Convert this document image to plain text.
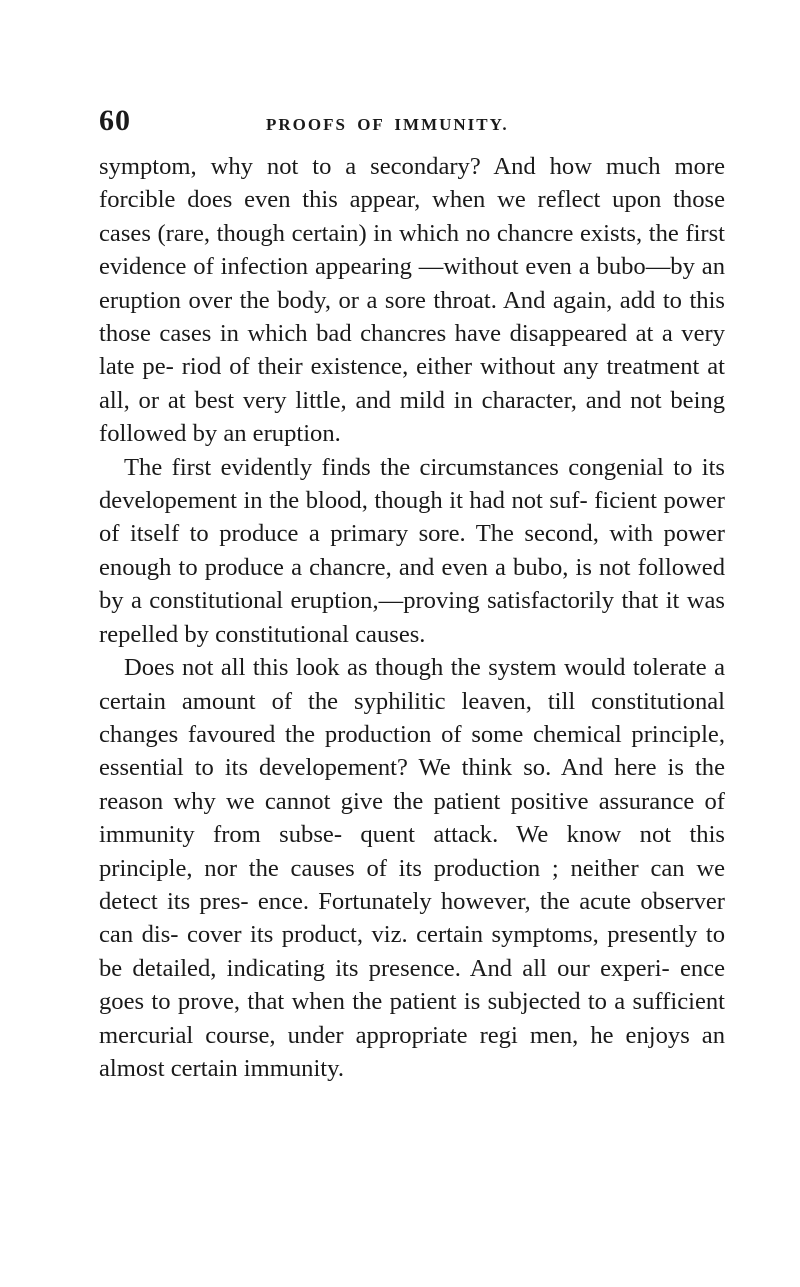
60	PROOFS OF IMMUNITY.

symptom, why not to a secondary? And how much more forcible does even this appear, when we reflect upon those cases (rare, though certain) in which no chancre exists, the first evidence of infection appearing —without even a bubo—by an eruption over the body, or a sore throat. And again, add to this those cases in which bad chancres have disappeared at a very late pe- riod of their existence, either without any treatment at all, or at best very little, and mild in character, and not being followed by an eruption.

The first evidently finds the circumstances congenial to its developement in the blood, though it had not suf- ficient power of itself to produce a primary sore. The second, with power enough to produce a chancre, and even a bubo, is not followed by a constitutional eruption,—proving satisfactorily that it was repelled by constitutional causes.

Does not all this look as though the system would tolerate a certain amount of the syphilitic leaven, till constitutional changes favoured the production of some chemical principle, essential to its developement? We think so. And here is the reason why we cannot give the patient positive assurance of immunity from subse- quent attack. We know not this principle, nor the causes of its production ; neither can we detect its pres- ence. Fortunately however, the acute observer can dis- cover its product, viz. certain symptoms, presently to be detailed, indicating its presence. And all our experi- ence goes to prove, that when the patient is subjected to a sufficient mercurial course, under appropriate regi men, he enjoys an almost certain immunity.
